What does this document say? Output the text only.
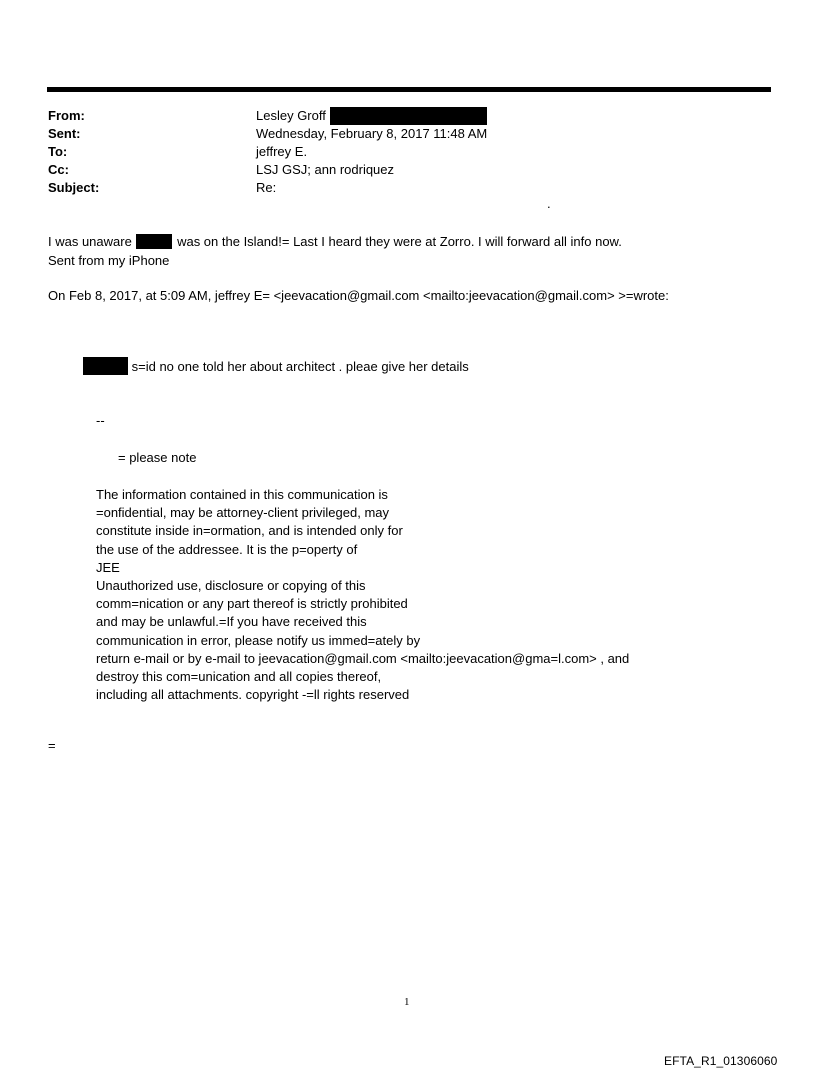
From:	Lesley Groff
Sent:	Wednesday, February 8, 2017 11:48 AM
To:	jeffrey E.
Cc:	LSJ GSJ; ann rodriquez
Subject:	Re:
.
I was unaware	was on the Island!= Last I heard they were at Zorro. I will forward all info now.
Sent from my iPhone
On Feb 8, 2017, at 5:09 AM, jeffrey E= <jeevacation@gmail.com <mailto:jeevacation@gmail.com> >=wrote:
s=id no one told her about architect . pleae give her details
--
= please note
The information contained in this communication is
=onfidential, may be attorney-client privileged, may
constitute inside in=ormation, and is intended only for
the use of the addressee. It is the p=operty of
JEE
Unauthorized use, disclosure or copying of this
comm=nication or any part thereof is strictly prohibited
and may be unlawful.=If you have received this
communication in error, please notify us immed=ately by
return e-mail or by e-mail to jeevacation@gmail.com <mailto:jeevacation@gma=l.com> , and
destroy this com=unication and all copies thereof,
including all attachments. copyright -=ll rights reserved
=
1
EFTA_R1_01306060
